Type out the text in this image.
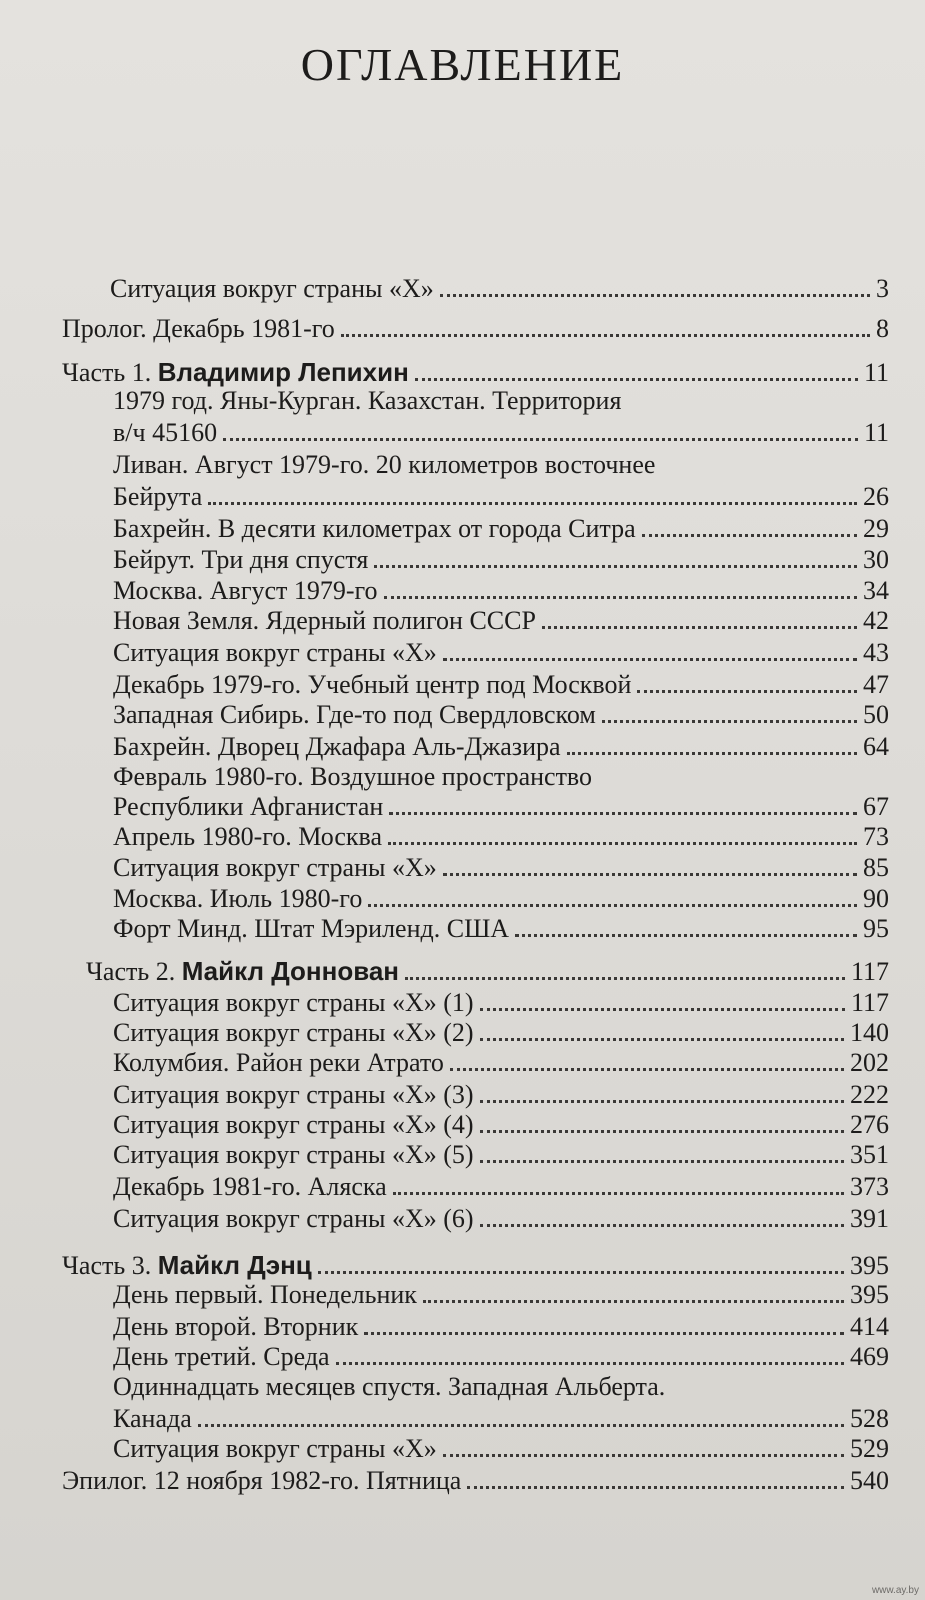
ОГЛАВЛЕНИЕ
Ситуация вокруг страны «Х»	3
Пролог. Декабрь 1981-го	8
Часть 1. Владимир Лепихин	11
1979 год. Яны-Курган. Казахстан. Территория
в/ч 45160	11
Ливан. Август 1979-го. 20 километров восточнее
Бейрута	26
Бахрейн. В десяти километрах от города Ситра	29
Бейрут. Три дня спустя	30
Москва. Август 1979-го	34
Новая Земля. Ядерный полигон СССР	42
Ситуация вокруг страны «Х»	43
Декабрь 1979-го. Учебный центр под Москвой	47
Западная Сибирь. Где-то под Свердловском	50
Бахрейн. Дворец Джафара Аль-Джазира	64
Февраль 1980-го. Воздушное пространство
Республики Афганистан	67
Апрель 1980-го. Москва	73
Ситуация вокруг страны «Х»	85
Москва. Июль 1980-го	90
Форт Минд. Штат Мэриленд. США	95
Часть 2. Майкл Доннован	117
Ситуация вокруг страны «Х» (1)	117
Ситуация вокруг страны «Х» (2)	140
Колумбия. Район реки Атрато	202
Ситуация вокруг страны «Х» (3)	222
Ситуация вокруг страны «Х» (4)	276
Ситуация вокруг страны «Х» (5)	351
Декабрь 1981-го. Аляска	373
Ситуация вокруг страны «Х» (6)	391
Часть 3. Майкл Дэнц	395
День первый. Понедельник	395
День второй. Вторник	414
День третий. Среда	469
Одиннадцать месяцев спустя. Западная Альберта.
Канада	528
Ситуация вокруг страны «Х»	529
Эпилог. 12 ноября 1982-го. Пятница	540
www.ay.by
